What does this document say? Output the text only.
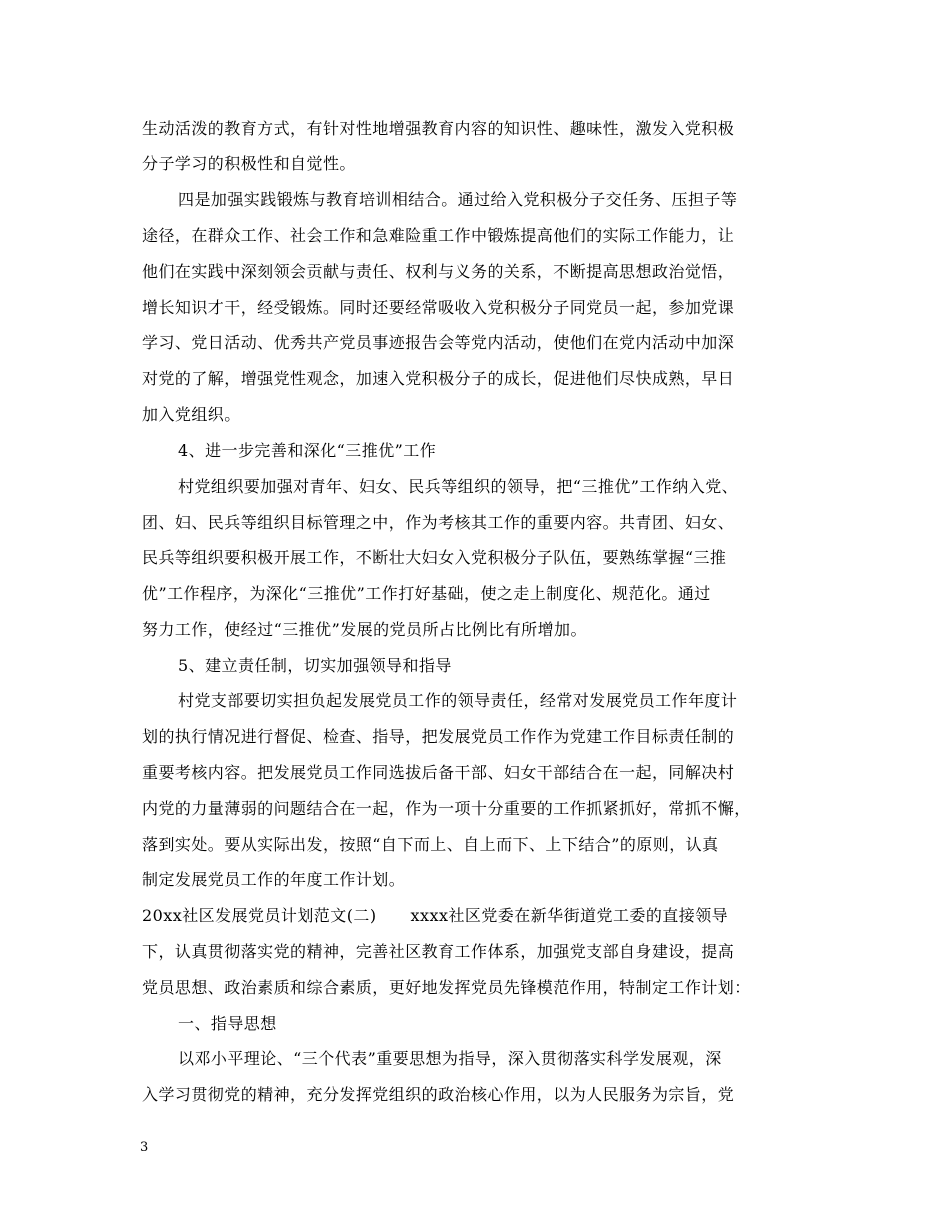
生动活泼的教育方式，有针对性地增强教育内容的知识性、趣味性，激发入党积极
分子学习的积极性和自觉性。
四是加强实践锻炼与教育培训相结合。通过给入党积极分子交任务、压担子等
途径，在群众工作、社会工作和急难险重工作中锻炼提高他们的实际工作能力，让
他们在实践中深刻领会贡献与责任、权利与义务的关系，不断提高思想政治觉悟，
增长知识才干，经受锻炼。同时还要经常吸收入党积极分子同党员一起，参加党课
学习、党日活动、优秀共产党员事迹报告会等党内活动，使他们在党内活动中加深
对党的了解，增强党性观念，加速入党积极分子的成长，促进他们尽快成熟，早日
加入党组织。
4、进一步完善和深化“三推优”工作
村党组织要加强对青年、妇女、民兵等组织的领导，把“三推优”工作纳入党、
团、妇、民兵等组织目标管理之中，作为考核其工作的重要内容。共青团、妇女、
民兵等组织要积极开展工作，不断壮大妇女入党积极分子队伍，要熟练掌握“三推
优”工作程序，为深化“三推优”工作打好基础，使之走上制度化、规范化。通过
努力工作，使经过“三推优”发展的党员所占比例比有所增加。
5、建立责任制，切实加强领导和指导
村党支部要切实担负起发展党员工作的领导责任，经常对发展党员工作年度计
划的执行情况进行督促、检查、指导，把发展党员工作作为党建工作目标责任制的
重要考核内容。把发展党员工作同选拔后备干部、妇女干部结合在一起，同解决村
内党的力量薄弱的问题结合在一起，作为一项十分重要的工作抓紧抓好，常抓不懈，
落到实处。要从实际出发，按照“自下而上、自上而下、上下结合”的原则，认真
制定发展党员工作的年度工作计划。
20xx社区发展党员计划范文(二) xxxx社区党委在新华街道党工委的直接领导
下，认真贯彻落实党的精神，完善社区教育工作体系，加强党支部自身建设，提高
党员思想、政治素质和综合素质，更好地发挥党员先锋模范作用，特制定工作计划：
一、指导思想
以邓小平理论、“三个代表”重要思想为指导，深入贯彻落实科学发展观，深
入学习贯彻党的精神，充分发挥党组织的政治核心作用，以为人民服务为宗旨，党
3
